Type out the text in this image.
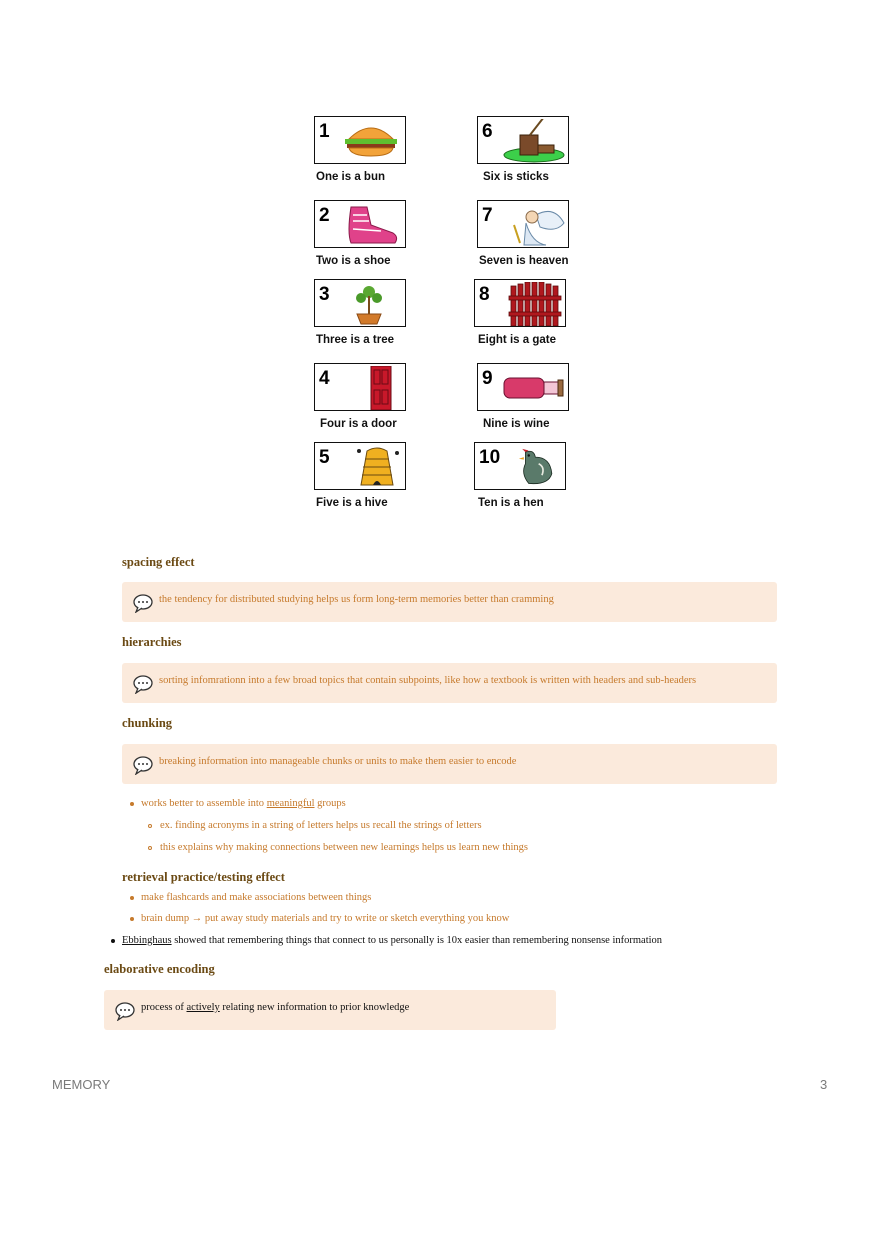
1
One is a bun
2
Two is a shoe
3
Three is a tree
4
Four is a door
5
Five is a hive
6
Six is sticks
7
Seven is heaven
8
Eight is a gate
9
Nine is wine
10
Ten is a hen
spacing effect
the tendency for distributed studying helps us form long-term memories better than cramming
hierarchies
sorting infomrationn into a few broad topics that contain subpoints, like how a textbook is written with headers and sub-headers
chunking
breaking information into manageable chunks or units to make them easier to encode
works better to assemble into meaningful groups
ex. finding acronyms in a string of letters helps us recall the strings of letters
this explains why making connections between new learnings helps us learn new things
retrieval practice/testing effect
make flashcards and make associations between things
brain dump → put away study materials and try to write or sketch everything you know
Ebbinghaus showed that remembering things that connect to us personally is 10x easier than remembering nonsense information
elaborative encoding
process of actively relating new information to prior knowledge
MEMORY	3
